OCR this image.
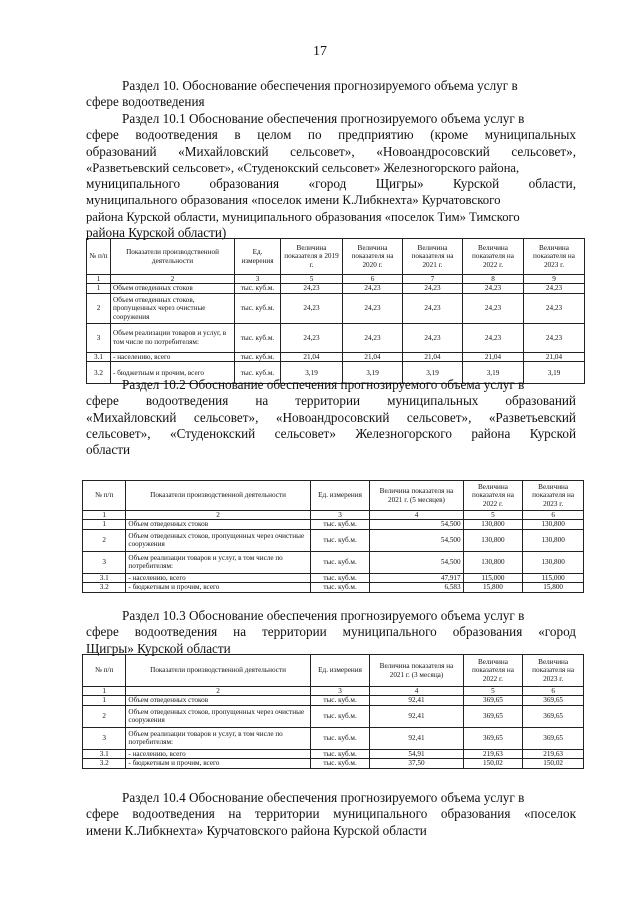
17
Раздел 10. Обоснование обеспечения прогнозируемого объема услуг в
сфере водоотведения
Раздел 10.1 Обоснование обеспечения прогнозируемого объема услуг в
сфере водоотведения в целом по предприятию (кроме муниципальных
образований «Михайловский сельсовет», «Новоандросовский сельсовет»,
«Разветьевский сельсовет», «Студенокский сельсовет» Железногорского района,
муниципального образования «город Щигры» Курской области,
муниципального образования «поселок имени К.Либкнехта» Курчатовского
района Курской области, муниципального образования «поселок Тим» Тимского
района Курской области)
№ п/п	Показатели производственной деятельности	Ед. измерения	Величина показателя в 2019 г.	Величина показателя на 2020 г.	Величина показателя на 2021 г.	Величина показателя на 2022 г.	Величина показателя на 2023 г.
1	2	3	5	6	7	8	9
1	Объем отведенных стоков	тыс. куб.м.	24,23	24,23	24,23	24,23	24,23
2	Объем отведенных стоков, пропущенных через очистные сооружения	тыс. куб.м.	24,23	24,23	24,23	24,23	24,23
3	Объем реализации товаров и услуг, в том числе по потребителям:	тыс. куб.м.	24,23	24,23	24,23	24,23	24,23
3.1	- населению, всего	тыс. куб.м.	21,04	21,04	21,04	21,04	21,04
3.2	- бюджетным и прочим, всего	тыс. куб.м.	3,19	3,19	3,19	3,19	3,19
Раздел 10.2 Обоснование обеспечения прогнозируемого объема услуг в
сфере водоотведения на территории муниципальных образований
«Михайловский сельсовет», «Новоандросовский сельсовет», «Разветьевский
сельсовет», «Студенокский сельсовет» Железногорского района Курской
области
№ п/п	Показатели производственной деятельности	Ед. измерения	Величина показателя на 2021 г. (5 месяцев)	Величина показателя на 2022 г.	Величина показателя на 2023 г.
1	2	3	4	5	6
1	Объем отведенных стоков	тыс. куб.м.	54,500	130,800	130,800
2	Объем отведенных стоков, пропущенных через очистные сооружения	тыс. куб.м.	54,500	130,800	130,800
3	Объем реализации товаров и услуг, в том числе по потребителям:	тыс. куб.м.	54,500	130,800	130,800
3.1	- населению, всего	тыс. куб.м.	47,917	115,000	115,000
3.2	- бюджетным и прочим, всего	тыс. куб.м.	6,583	15,800	15,800
Раздел 10.3 Обоснование обеспечения прогнозируемого объема услуг в
сфере водоотведения на территории муниципального образования «город
Щигры» Курской области
№ п/п	Показатели производственной деятельности	Ед. измерения	Величина показателя на 2021 г. (3 месяца)	Величина показателя на 2022 г.	Величина показателя на 2023 г.
1	2	3	4	5	6
1	Объем отведенных стоков	тыс. куб.м.	92,41	369,65	369,65
2	Объем отведенных стоков, пропущенных через очистные сооружения	тыс. куб.м.	92,41	369,65	369,65
3	Объем реализации товаров и услуг, в том числе по потребителям:	тыс. куб.м.	92,41	369,65	369,65
3.1	- населению, всего	тыс. куб.м.	54,91	219,63	219,63
3.2	- бюджетным и прочим, всего	тыс. куб.м.	37,50	150,02	150,02
Раздел 10.4 Обоснование обеспечения прогнозируемого объема услуг в
сфере водоотведения на территории муниципального образования «поселок
имени К.Либкнехта» Курчатовского района Курской области
